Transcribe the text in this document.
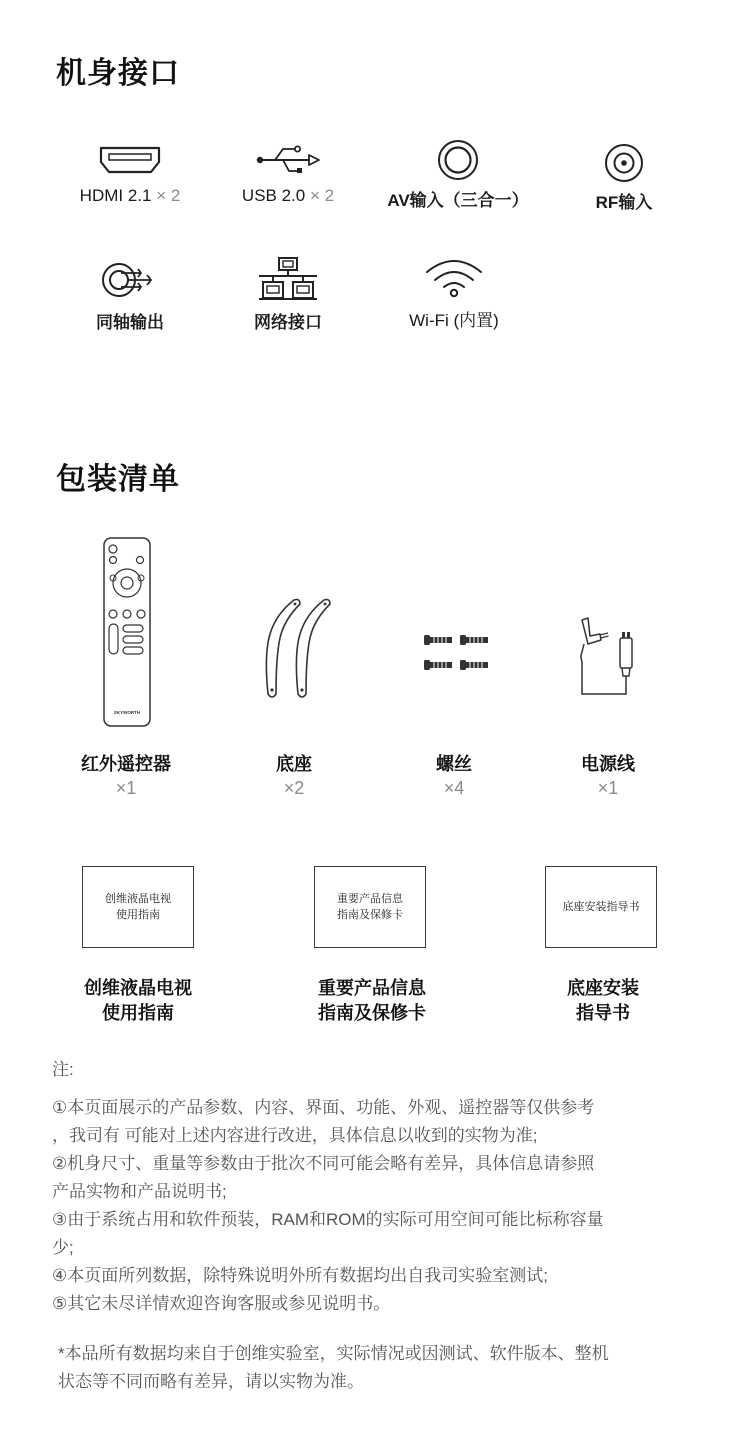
机身接口
HDMI 2.1 × 2	USB 2.0 × 2	AV输入（三合一）	RF输入
同轴输出	网络接口	Wi-Fi (内置)
包装清单
SKYWORTH
红外遥控器
×1
底座
×2
螺丝
×4
电源线
×1
创维液晶电视
使用指南
重要产品信息
指南及保修卡
底座安装指导书
创维液晶电视
使用指南
重要产品信息
指南及保修卡
底座安装
指导书

注:

①本页面展示的产品参数、内容、界面、功能、外观、遥控器等仅供参考

，我司有 可能对上述内容进行改进，具体信息以收到的实物为准;

②机身尺寸、重量等参数由于批次不同可能会略有差异，具体信息请参照

产品实物和产品说明书;

③由于系统占用和软件预装，RAM和ROM的实际可用空间可能比标称容量

少;

④本页面所列数据，除特殊说明外所有数据均出自我司实验室测试;

⑤其它未尽详情欢迎咨询客服或参见说明书。

*本品所有数据均来自于创维实验室，实际情况或因测试、软件版本、整机

状态等不同而略有差异，请以实物为准。
